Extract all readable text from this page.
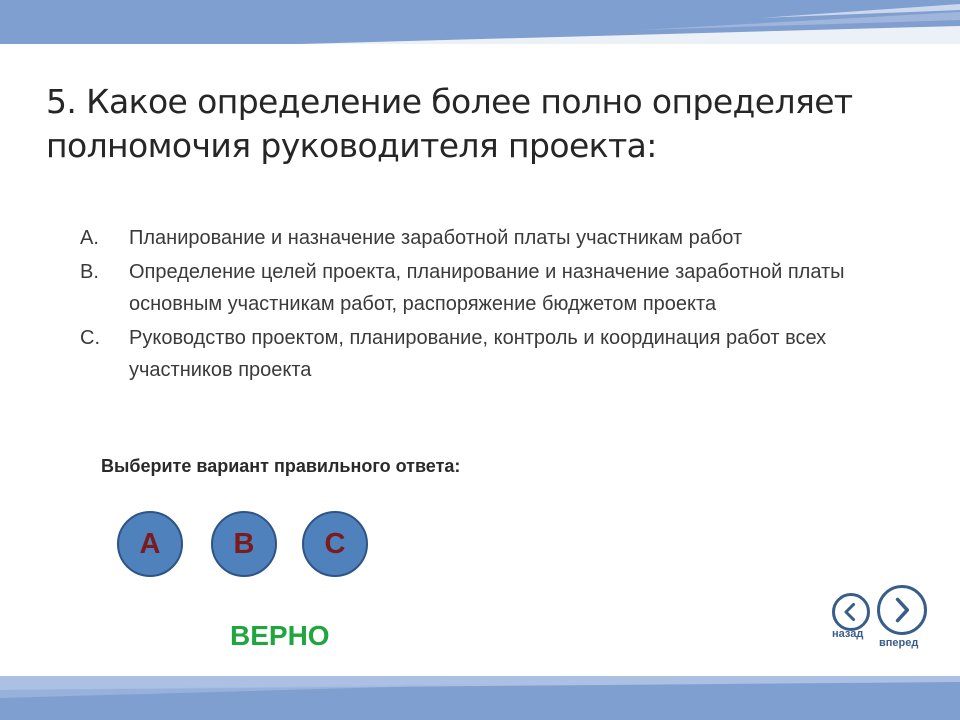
5. Какое определение более полно определяет полномочия руководителя проекта:
A. Планирование и назначение заработной платы участникам работ
B. Определение целей проекта, планирование и назначение заработной платы основным участникам работ, распоряжение бюджетом проекта
C. Руководство проектом, планирование, контроль и координация работ всех участников проекта
Выберите вариант правильного ответа:
A	B	C
ВЕРНО	назад
вперед
